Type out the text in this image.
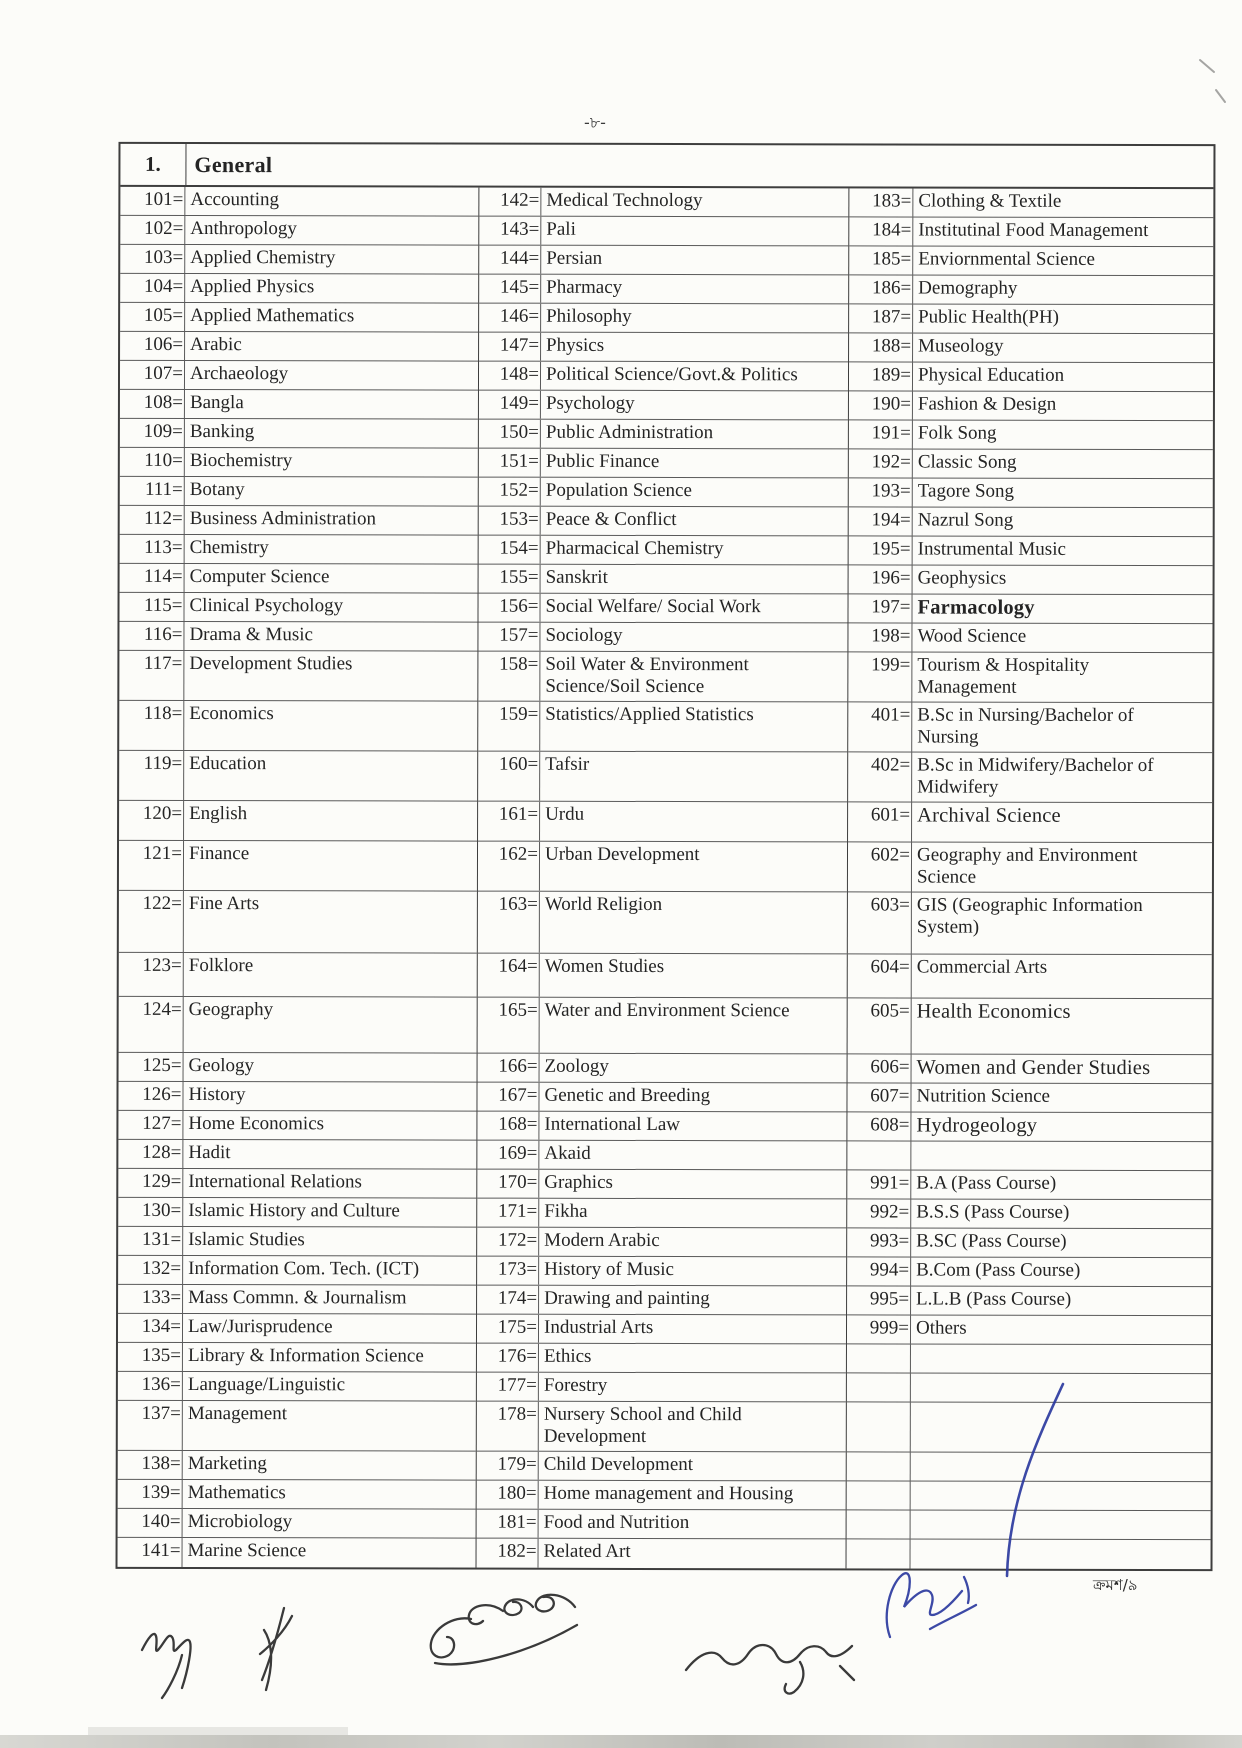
-৮-
1.	General
101= Accounting
102= Anthropology
103= Applied Chemistry
104= Applied Physics
105= Applied Mathematics
106= Arabic
107= Archaeology
108= Bangla
109= Banking
110= Biochemistry
111= Botany
112= Business Administration
113= Chemistry
114= Computer Science
115= Clinical Psychology
116= Drama & Music
117= Development Studies
118= Economics
119= Education
120= English
121= Finance
122= Fine Arts
123= Folklore
124= Geography
125= Geology
126= History
127= Home Economics
128= Hadit
129= International Relations
130= Islamic History and Culture
131= Islamic Studies
132= Information Com. Tech. (ICT)
133= Mass Commn. & Journalism
134= Law/Jurisprudence
135= Library & Information Science
136= Language/Linguistic
137= Management
138= Marketing
139= Mathematics
140= Microbiology
141= Marine Science
142= Medical Technology
143= Pali
144= Persian
145= Pharmacy
146= Philosophy
147= Physics
148= Political Science/Govt.& Politics
149= Psychology
150= Public Administration
151= Public Finance
152= Population Science
153= Peace & Conflict
154= Pharmacical Chemistry
155= Sanskrit
156= Social Welfare/ Social Work
157= Sociology
158= Soil Water & Environment
Science/Soil Science
159= Statistics/Applied Statistics
160= Tafsir
161= Urdu
162= Urban Development
163= World Religion
164= Women Studies
165= Water and Environment Science
166= Zoology
167= Genetic and Breeding
168= International Law
169= Akaid
170= Graphics
171= Fikha
172= Modern Arabic
173= History of Music
174= Drawing and painting
175= Industrial Arts
176= Ethics
177= Forestry
178= Nursery School and Child
Development
179= Child Development
180= Home management and Housing
181= Food and Nutrition
182= Related Art
183= Clothing & Textile
184= Institutinal Food Management
185= Enviornmental Science
186= Demography
187= Public Health(PH)
188= Museology
189= Physical Education
190= Fashion & Design
191= Folk Song
192= Classic Song
193= Tagore Song
194= Nazrul Song
195= Instrumental Music
196= Geophysics
197= Farmacology
198= Wood Science
199= Tourism & Hospitality
Management
401= B.Sc in Nursing/Bachelor of
Nursing
402= B.Sc in Midwifery/Bachelor of
Midwifery
601= Archival Science
602= Geography and Environment
Science
603= GIS (Geographic Information
System)
604= Commercial Arts
605= Health Economics
606= Women and Gender Studies
607= Nutrition Science
608= Hydrogeology
991= B.A (Pass Course)
992= B.S.S (Pass Course)
993= B.SC (Pass Course)
994= B.Com (Pass Course)
995= L.L.B (Pass Course)
999= Others
ক্রমশ/৯
